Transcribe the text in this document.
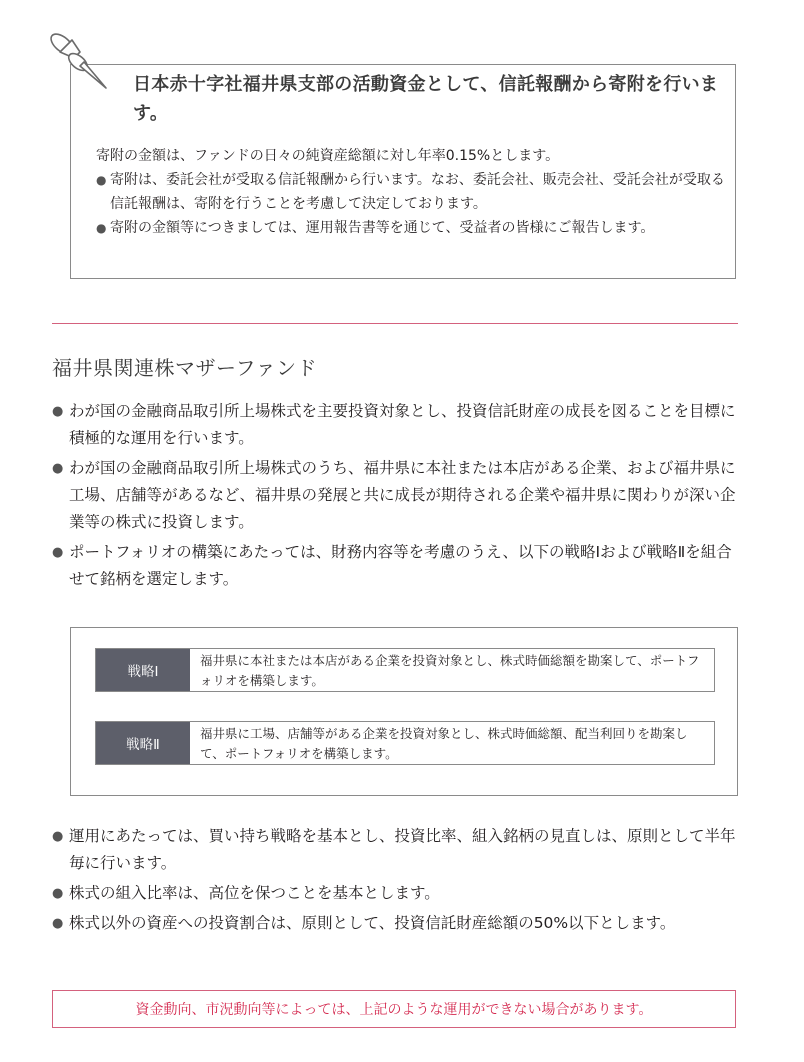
日本赤十字社福井県支部の活動資金として、信託報酬から寄附を行います。

寄附の金額は、ファンドの日々の純資産総額に対し年率0.15%とします。

● 寄附は、委託会社が受取る信託報酬から行います。なお、委託会社、販売会社、受託会社が受取る信託報酬は、寄附を行うことを考慮して決定しております。
● 寄附の金額等につきましては、運用報告書等を通じて、受益者の皆様にご報告します。
福井県関連株マザーファンド
● わが国の金融商品取引所上場株式を主要投資対象とし、投資信託財産の成長を図ることを目標に積極的な運用を行います。
● わが国の金融商品取引所上場株式のうち、福井県に本社または本店がある企業、および福井県に工場、店舗等があるなど、福井県の発展と共に成長が期待される企業や福井県に関わりが深い企業等の株式に投資します。
● ポートフォリオの構築にあたっては、財務内容等を考慮のうえ、以下の戦略Ⅰおよび戦略Ⅱを組合せて銘柄を選定します。
戦略Ⅰ
福井県に本社または本店がある企業を投資対象とし、株式時価総額を勘案して、ポートフォリオを構築します。
戦略Ⅱ
福井県に工場、店舗等がある企業を投資対象とし、株式時価総額、配当利回りを勘案して、ポートフォリオを構築します。
● 運用にあたっては、買い持ち戦略を基本とし、投資比率、組入銘柄の見直しは、原則として半年毎に行います。
● 株式の組入比率は、高位を保つことを基本とします。
● 株式以外の資産への投資割合は、原則として、投資信託財産総額の50%以下とします。
資金動向、市況動向等によっては、上記のような運用ができない場合があります。
